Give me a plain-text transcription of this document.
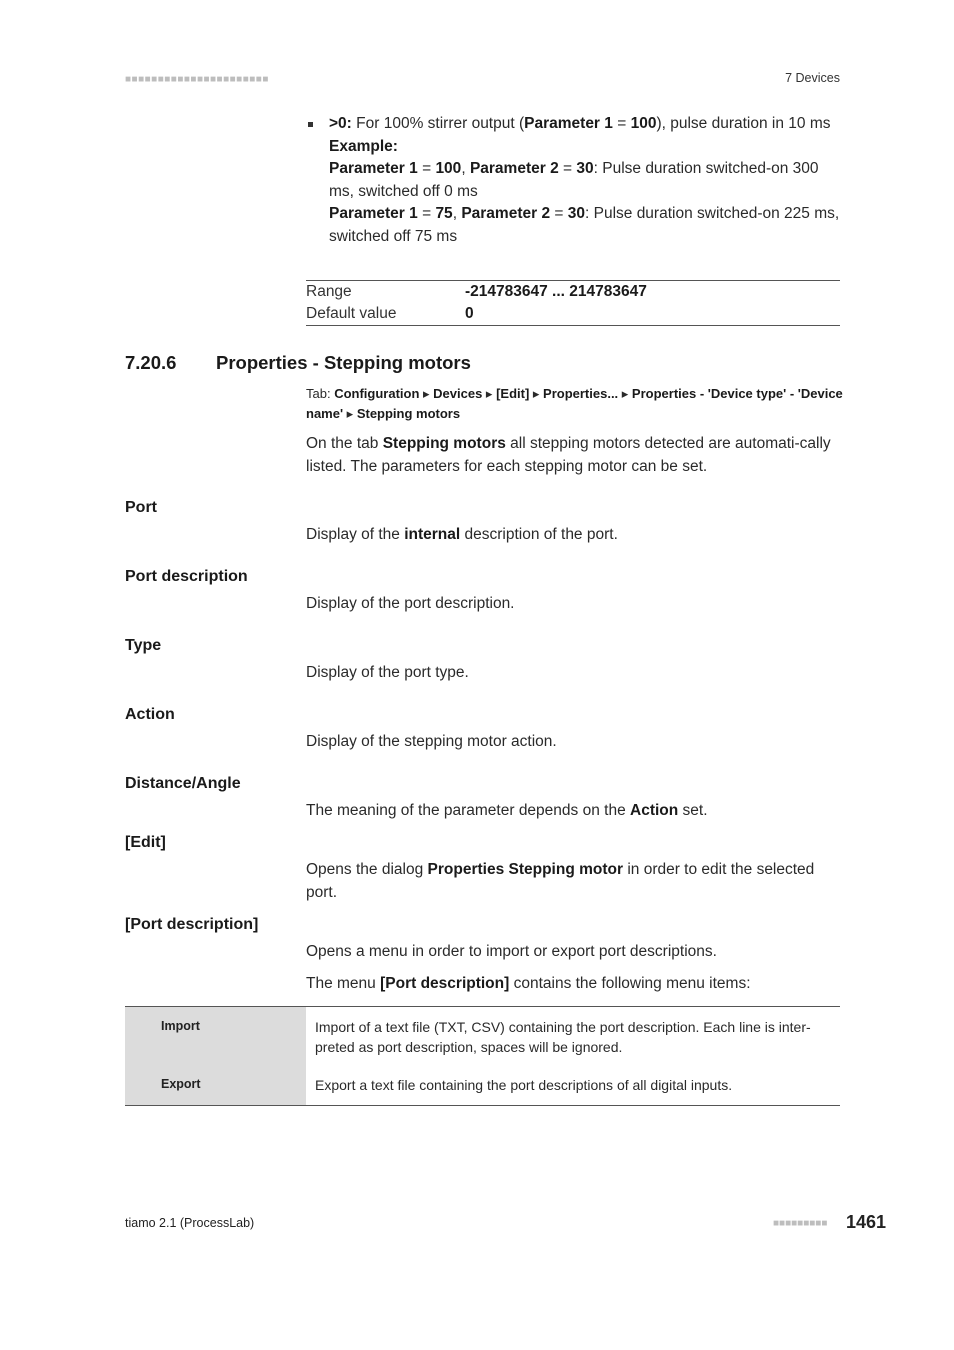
■■■■■■■■■■■■■■■■■■■■■■	7 Devices
>0: For 100% stirrer output (Parameter 1 = 100), pulse duration in 10 ms
Example:
Parameter 1 = 100, Parameter 2 = 30: Pulse duration switched-on 300 ms, switched off 0 ms
Parameter 1 = 75, Parameter 2 = 30: Pulse duration switched-on 225 ms, switched off 75 ms
Range	-214783647 ... 214783647
Default value	0
7.20.6 Properties - Stepping motors
Tab: Configuration ▸ Devices ▸ [Edit] ▸ Properties... ▸ Properties - 'Device type' - 'Device name' ▸ Stepping motors
On the tab Stepping motors all stepping motors detected are automati-cally listed. The parameters for each stepping motor can be set.
Port
Display of the internal description of the port.
Port description
Display of the port description.
Type
Display of the port type.
Action
Display of the stepping motor action.
Distance/Angle
The meaning of the parameter depends on the Action set.
[Edit]
Opens the dialog Properties Stepping motor in order to edit the selected port.
[Port description]
Opens a menu in order to import or export port descriptions.
The menu [Port description] contains the following menu items:
Import	Import of a text file (TXT, CSV) containing the port description. Each line is inter-preted as port description, spaces will be ignored.
Export	Export a text file containing the port descriptions of all digital inputs.
tiamo 2.1 (ProcessLab)	■■■■■■■■■ 1461
